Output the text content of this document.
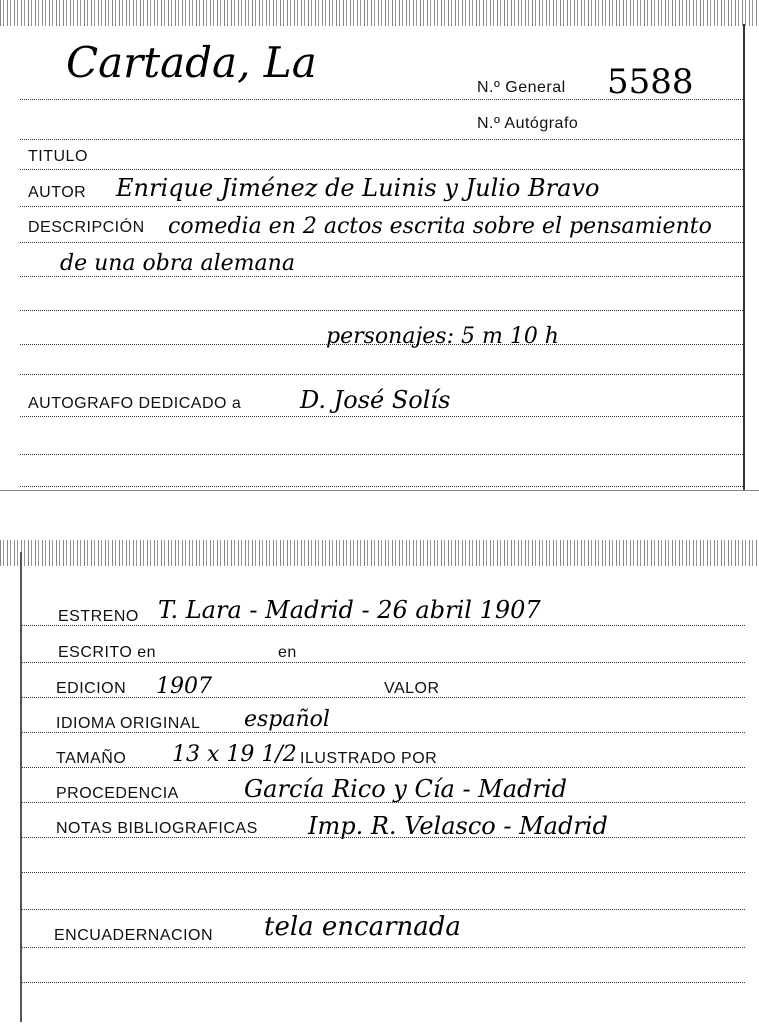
Cartada, La
N.º General 5588
N.º Autógrafo
TITULO
AUTOR Enrique Jiménez de Luinis y Julio Bravo
DESCRIPCIÓN comedia en 2 actos escrita sobre el pensamiento
de una obra alemana
personajes: 5 m 10 h
AUTOGRAFO DEDICADO a D. José Solís
ESTRENO T. Lara - Madrid - 26 abril 1907
ESCRITO en	en
EDICION 1907	VALOR
IDIOMA ORIGINAL español
TAMAÑO 13 x 19 1/2 ILUSTRADO POR
PROCEDENCIA	García Rico y Cía - Madrid
NOTAS BIBLIOGRAFICAS Imp. R. Velasco - Madrid
ENCUADERNACION tela encarnada
